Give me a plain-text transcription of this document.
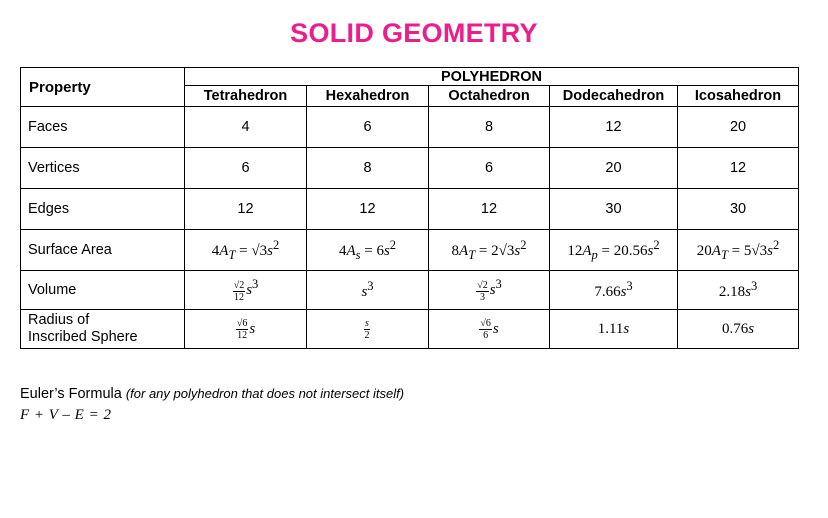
SOLID GEOMETRY
Property	POLYHEDRON				
	Tetrahedron	Hexahedron	Octahedron	Dodecahedron	Icosahedron
Faces	4	6	8	12	20
Vertices	6	8	6	20	12
Edges	12	12	12	30	30
Surface Area	$4A_T = √3s^2$	$4A_s = 6s^2$	$8A_T = 2√3s^2$	$12A_p = 20.56s^2$	$20A_T = 5√3s^2$
Volume	$\frac{√2}{12} s^3$	$s^3$	$\frac{√2}{3} s^3$	$7.66s^3$	$2.18s^3$
Radius of
Inscribed Sphere	$\frac{√6}{12}$ s	$\frac{s}{2}$	$\frac{√6}{6}$ s	1.11s	0.76s
Euler’s Formula (for any polyhedron that does not intersect itself)
F + V – E = 2
